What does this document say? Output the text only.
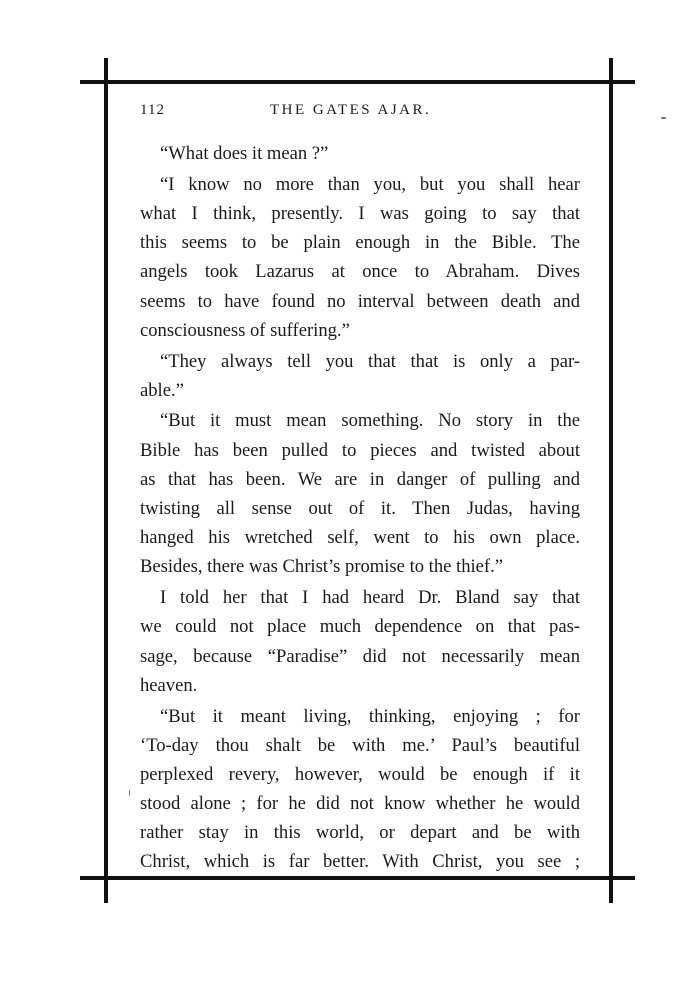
112	THE GATES AJAR.
“What does it mean ?”
“I know no more than you, but you shall hear
what I think, presently. I was going to say that
this seems to be plain enough in the Bible. The
angels took Lazarus at once to Abraham. Dives
seems to have found no interval between death and
consciousness of suffering.”
“They always tell you that that is only a par-
able.”
“But it must mean something. No story in the
Bible has been pulled to pieces and twisted about
as that has been. We are in danger of pulling and
twisting all sense out of it. Then Judas, having
hanged his wretched self, went to his own place.
Besides, there was Christ’s promise to the thief.”
I told her that I had heard Dr. Bland say that
we could not place much dependence on that pas-
sage, because “Paradise” did not necessarily mean
heaven.
“But it meant living, thinking, enjoying ; for
‘To-day thou shalt be with me.’ Paul’s beautiful
perplexed revery, however, would be enough if it
stood alone ; for he did not know whether he would
rather stay in this world, or depart and be with
Christ, which is far better. With Christ, you see ;
